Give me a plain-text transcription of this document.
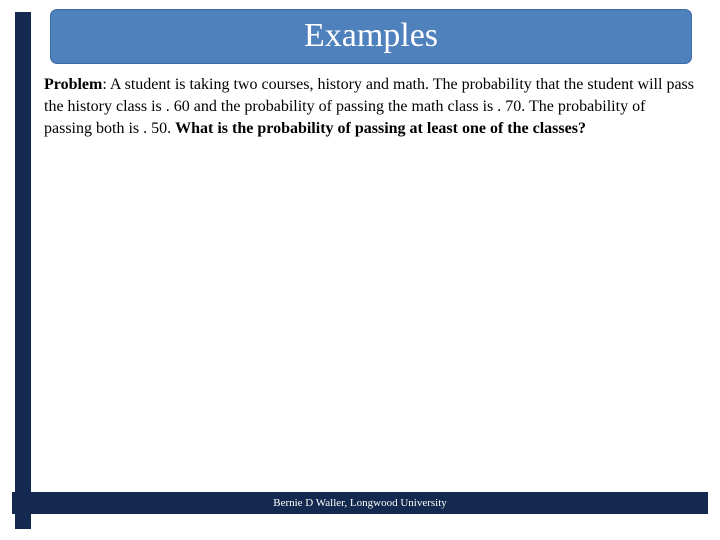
Examples
Problem: A student is taking two courses, history and math. The probability that the student will pass the history class is . 60 and the probability of passing the math class is . 70. The probability of passing both is . 50. What is the probability of passing at least one of the classes?
Bernie D Waller, Longwood University
